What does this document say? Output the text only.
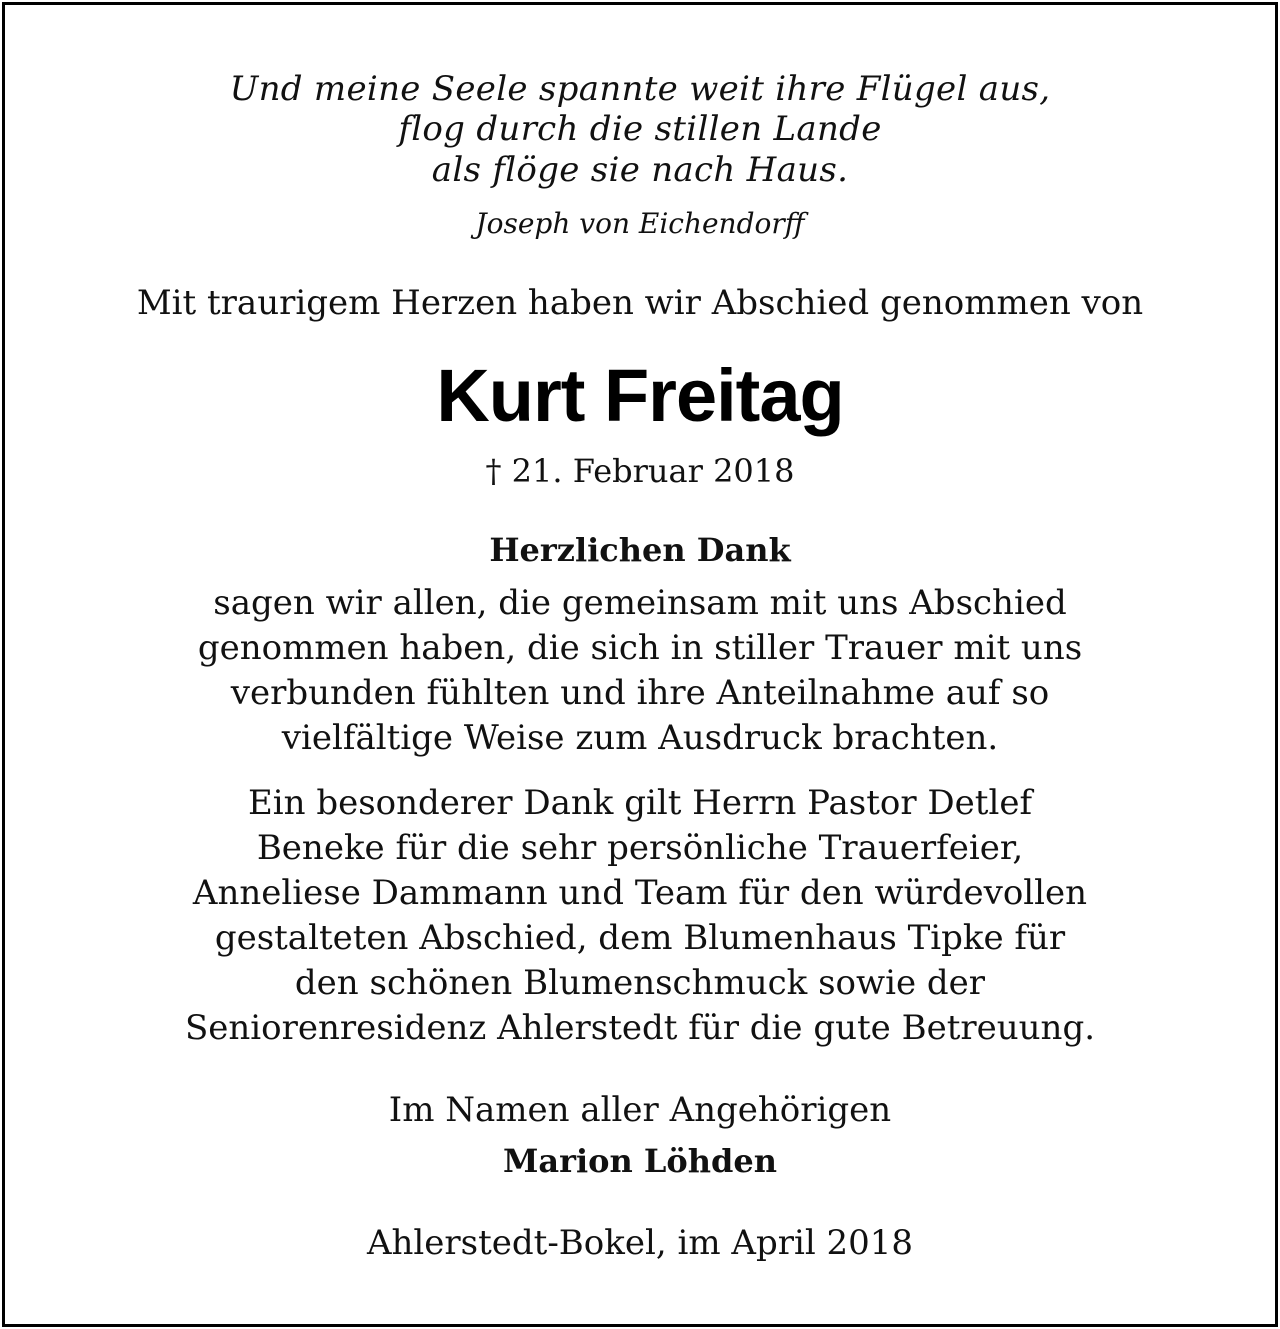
Und meine Seele spannte weit ihre Flügel aus,
flog durch die stillen Lande
als flöge sie nach Haus.
Joseph von Eichendorff
Mit traurigem Herzen haben wir Abschied genommen von
Kurt Freitag
† 21. Februar 2018
Herzlichen Dank
sagen wir allen, die gemeinsam mit uns Abschied
genommen haben, die sich in stiller Trauer mit uns
verbunden fühlten und ihre Anteilnahme auf so
vielfältige Weise zum Ausdruck brachten.
Ein besonderer Dank gilt Herrn Pastor Detlef
Beneke für die sehr persönliche Trauerfeier,
Anneliese Dammann und Team für den würdevollen
gestalteten Abschied, dem Blumenhaus Tipke für
den schönen Blumenschmuck sowie der
Seniorenresidenz Ahlerstedt für die gute Betreuung.
Im Namen aller Angehörigen
Marion Löhden
Ahlerstedt-Bokel, im April 2018
